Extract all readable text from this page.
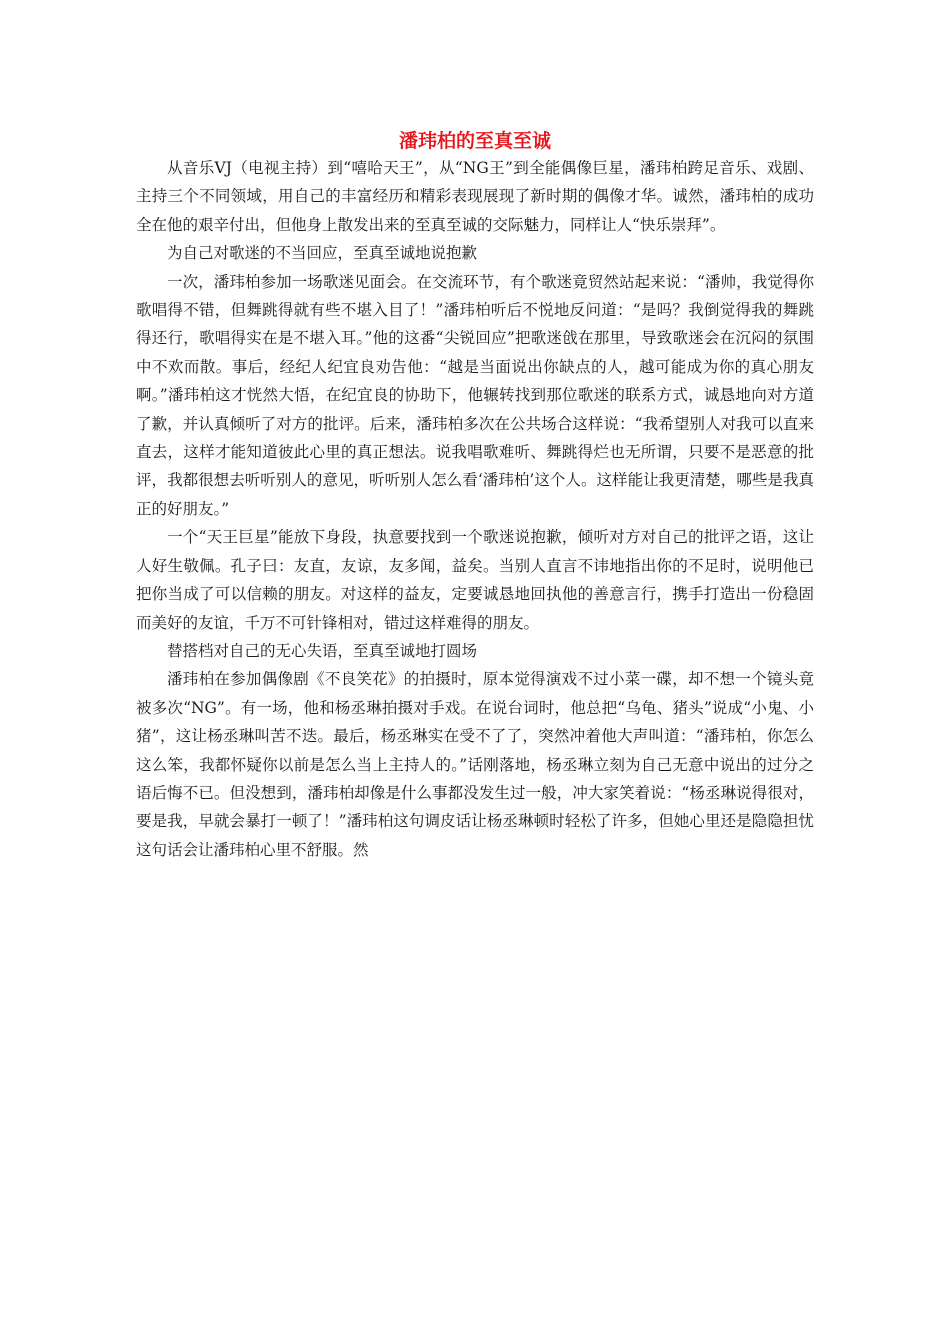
潘玮柏的至真至诚

从音乐VJ（电视主持）到“嘻哈天王”，从“NG王”到全能偶像巨星，潘玮柏跨足音乐、戏剧、主持三个不同领域，用自己的丰富经历和精彩表现展现了新时期的偶像才华。诚然，潘玮柏的成功全在他的艰辛付出，但他身上散发出来的至真至诚的交际魅力，同样让人“快乐崇拜”。

为自己对歌迷的不当回应，至真至诚地说抱歉

一次，潘玮柏参加一场歌迷见面会。在交流环节，有个歌迷竟贸然站起来说：“潘帅，我觉得你歌唱得不错，但舞跳得就有些不堪入目了！”潘玮柏听后不悦地反问道：“是吗？我倒觉得我的舞跳得还行，歌唱得实在是不堪入耳。”他的这番“尖锐回应”把歌迷戗在那里，导致歌迷会在沉闷的氛围中不欢而散。事后，经纪人纪宜良劝告他：“越是当面说出你缺点的人，越可能成为你的真心朋友啊。”潘玮柏这才恍然大悟，在纪宜良的协助下，他辗转找到那位歌迷的联系方式，诚恳地向对方道了歉，并认真倾听了对方的批评。后来，潘玮柏多次在公共场合这样说：“我希望别人对我可以直来直去，这样才能知道彼此心里的真正想法。说我唱歌难听、舞跳得烂也无所谓，只要不是恶意的批评，我都很想去听听别人的意见，听听别人怎么看‘潘玮柏’这个人。这样能让我更清楚，哪些是我真正的好朋友。”

一个“天王巨星”能放下身段，执意要找到一个歌迷说抱歉，倾听对方对自己的批评之语，这让人好生敬佩。孔子曰：友直，友谅，友多闻，益矣。当别人直言不讳地指出你的不足时，说明他已把你当成了可以信赖的朋友。对这样的益友，定要诚恳地回执他的善意言行，携手打造出一份稳固而美好的友谊，千万不可针锋相对，错过这样难得的朋友。

替搭档对自己的无心失语，至真至诚地打圆场

潘玮柏在参加偶像剧《不良笑花》的拍摄时，原本觉得演戏不过小菜一碟，却不想一个镜头竟被多次“NG”。有一场，他和杨丞琳拍摄对手戏。在说台词时，他总把“乌龟、猪头”说成“小鬼、小猪”，这让杨丞琳叫苦不迭。最后，杨丞琳实在受不了了，突然冲着他大声叫道：“潘玮柏，你怎么这么笨，我都怀疑你以前是怎么当上主持人的。”话刚落地，杨丞琳立刻为自己无意中说出的过分之语后悔不已。但没想到，潘玮柏却像是什么事都没发生过一般，冲大家笑着说：“杨丞琳说得很对，要是我，早就会暴打一顿了！”潘玮柏这句调皮话让杨丞琳顿时轻松了许多，但她心里还是隐隐担忧这句话会让潘玮柏心里不舒服。然
